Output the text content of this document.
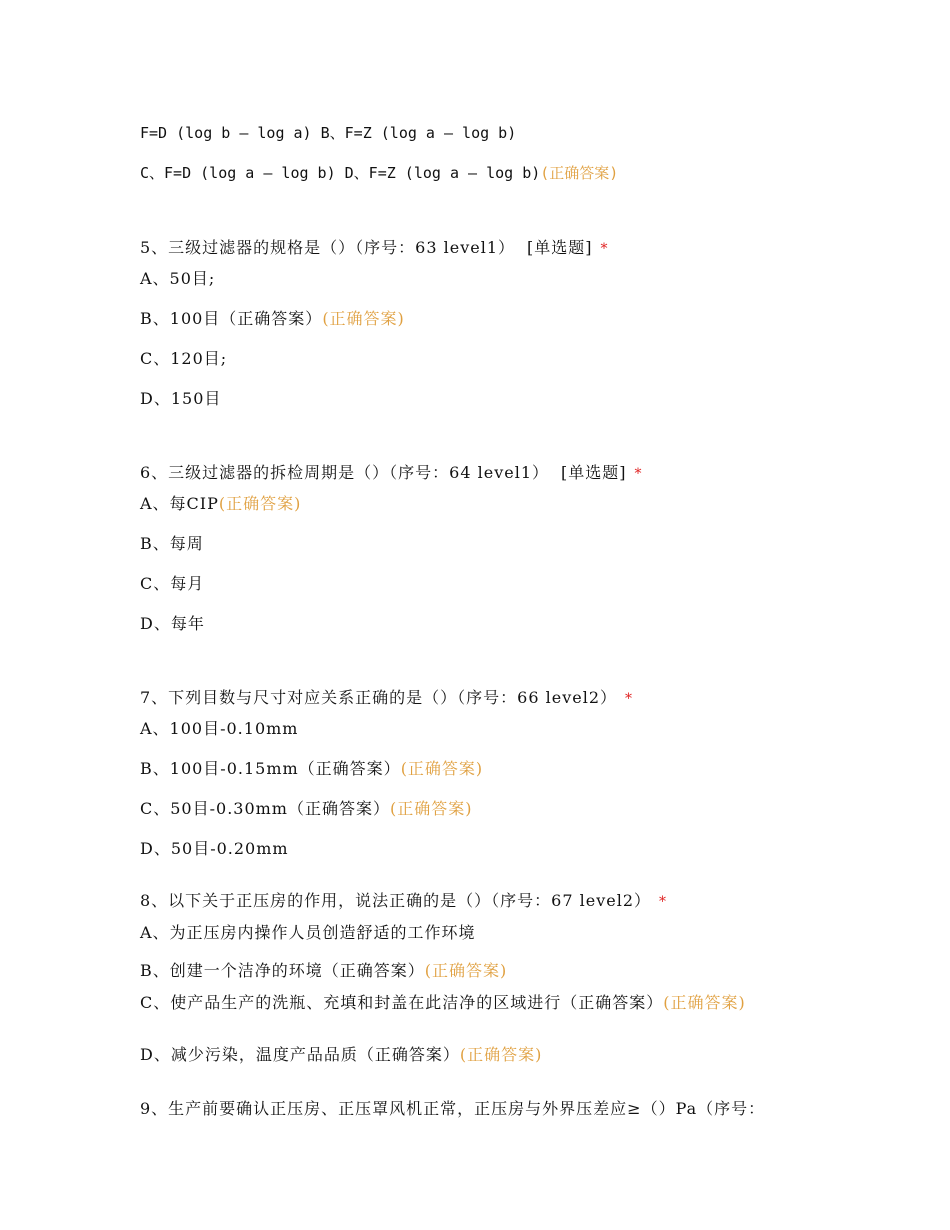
F=D (log b – log a) B、F=Z (log a – log b)
C、F=D (log a – log b) D、F=Z (log a – log b)(正确答案)
5、三级过滤器的规格是（）（序号：63 level1） [单选题] *
A、50目;
B、100目（正确答案）(正确答案)
C、120目;
D、150目
6、三级过滤器的拆检周期是（）（序号：64 level1） [单选题] *
A、每CIP(正确答案)
B、每周
C、每月
D、每年
7、下列目数与尺寸对应关系正确的是（）（序号：66 level2） *
A、100目-0.10mm
B、100目-0.15mm（正确答案）(正确答案)
C、50目-0.30mm（正确答案）(正确答案)
D、50目-0.20mm
8、以下关于正压房的作用，说法正确的是（）（序号：67 level2） *
A、为正压房内操作人员创造舒适的工作环境
B、创建一个洁净的环境（正确答案）(正确答案)
C、使产品生产的洗瓶、充填和封盖在此洁净的区域进行（正确答案）(正确答案)
D、减少污染，温度产品品质（正确答案）(正确答案)
9、生产前要确认正压房、正压罩风机正常，正压房与外界压差应≥（）Pa（序号：
